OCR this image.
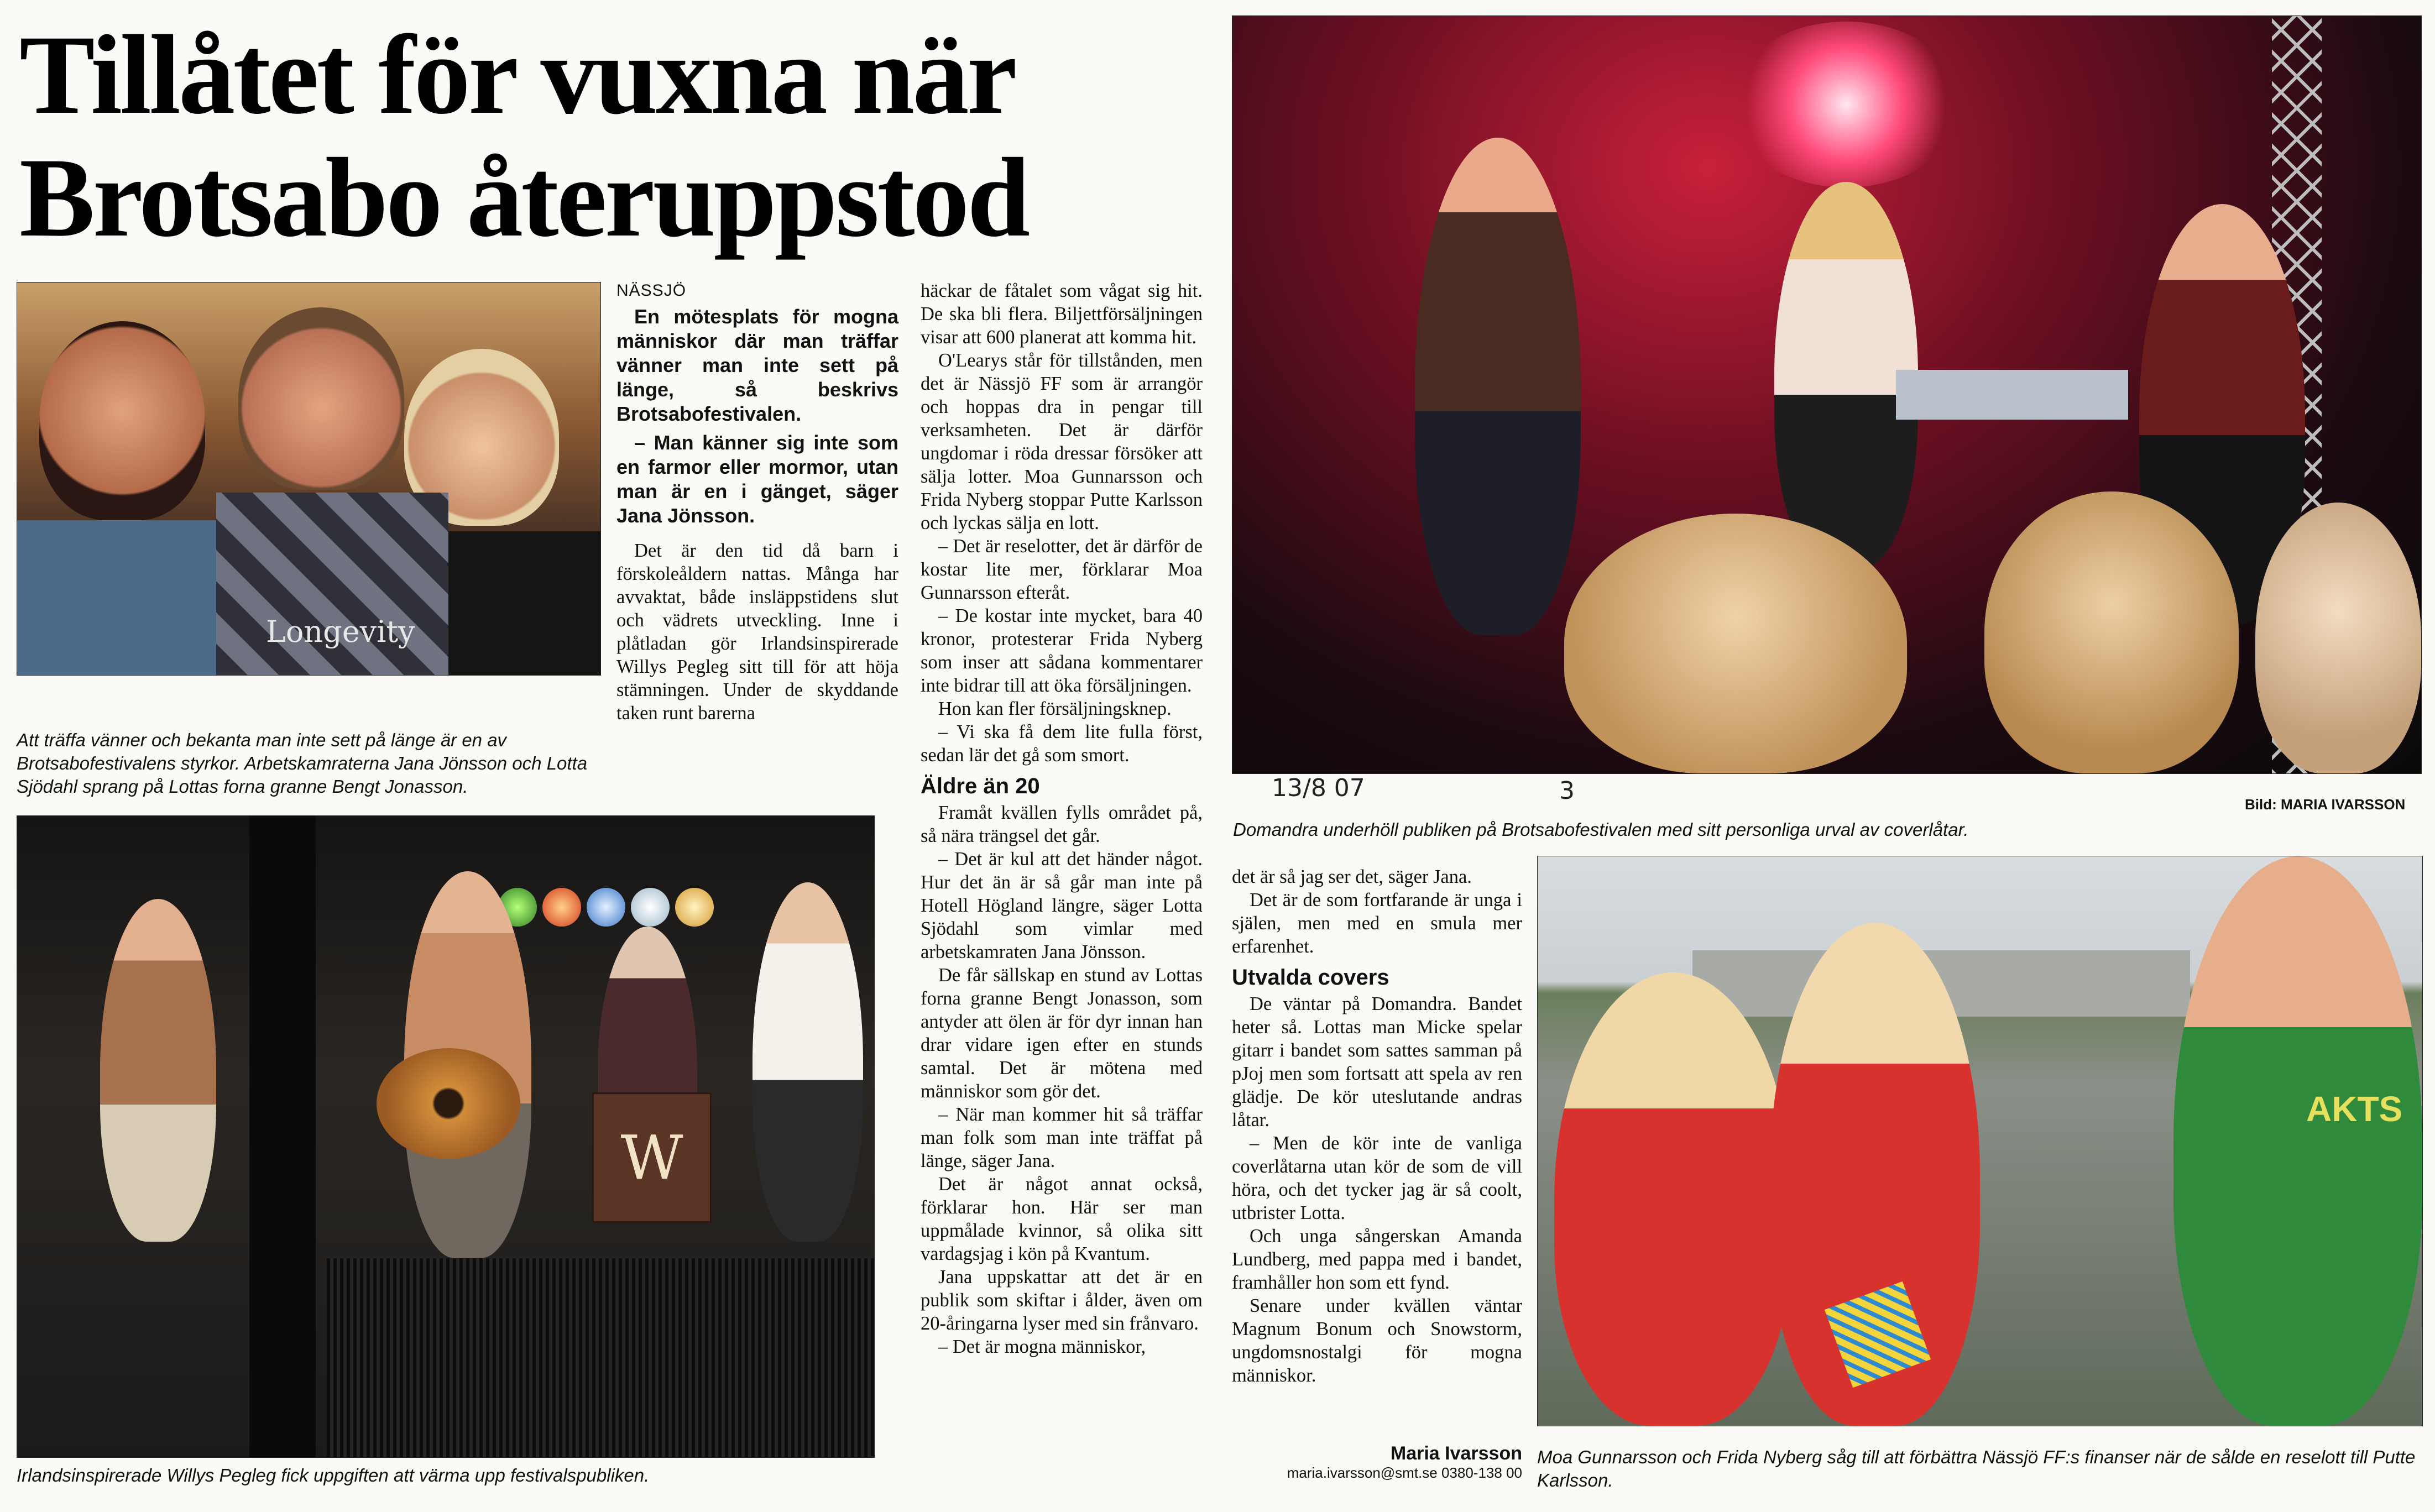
Tillåtet för vuxna när
Brotsabo återuppstod
Longevity
Att träffa vänner och bekanta man inte sett på länge är en av Brotsabofestivalens styrkor. Arbetskamraterna Jana Jönsson och Lotta Sjödahl sprang på Lottas forna granne Bengt Jonasson.
W
Irlandsinspirerade Willys Pegleg fick uppgiften att värma upp festivalspubliken.
NÄSSJÖ

En mötesplats för mogna människor där man träffar vänner man inte sett på länge, så beskrivs Brotsabofestivalen.

– Man känner sig inte som en farmor eller mormor, utan man är en i gänget, säger Jana Jönsson.

Det är den tid då barn i förskoleåldern nattas. Många har avvaktat, både insläppstidens slut och vädrets utveckling. Inne i plåtladan gör Irlandsinspirerade Willys Pegleg sitt till för att höja stämningen. Under de skyddande taken runt barerna

häckar de fåtalet som vågat sig hit. De ska bli flera. Biljettförsäljningen visar att 600 planerat att komma hit.

O'Learys står för tillstånden, men det är Nässjö FF som är arrangör och hoppas dra in pengar till verksamheten. Det är därför ungdomar i röda dressar försöker att sälja lotter. Moa Gunnarsson och Frida Nyberg stoppar Putte Karlsson och lyckas sälja en lott.

– Det är reselotter, det är därför de kostar lite mer, förklarar Moa Gunnarsson efteråt.

– De kostar inte mycket, bara 40 kronor, protesterar Frida Nyberg som inser att sådana kommentarer inte bidrar till att öka försäljningen.

Hon kan fler försäljningsknep.

– Vi ska få dem lite fulla först, sedan lär det gå som smort.

Äldre än 20

Framåt kvällen fylls området på, så nära trängsel det går.

– Det är kul att det händer något. Hur det än är så går man inte på Hotell Högland längre, säger Lotta Sjödahl som vimlar med arbetskamraten Jana Jönsson.

De får sällskap en stund av Lottas forna granne Bengt Jonasson, som antyder att ölen är för dyr innan han drar vidare igen efter en stunds samtal. Det är mötena med människor som gör det.

– När man kommer hit så träffar man folk som man inte träffat på länge, säger Jana.

Det är något annat också, förklarar hon. Här ser man uppmålade kvinnor, så olika sitt vardagsjag i kön på Kvantum.

Jana uppskattar att det är en publik som skiftar i ålder, även om 20-åringarna lyser med sin frånvaro.

– Det är mogna människor,

13/8 07	3	Bild: MARIA IVARSSON
Domandra underhöll publiken på Brotsabofestivalen med sitt personliga urval av coverlåtar.

det är så jag ser det, säger Jana.

Det är de som fortfarande är unga i själen, men med en smula mer erfarenhet.

Utvalda covers

De väntar på Domandra. Bandet heter så. Lottas man Micke spelar gitarr i bandet som sattes samman på pJoj men som fortsatt att spela av ren glädje. De kör uteslutande andras låtar.

– Men de kör inte de vanliga coverlåtarna utan kör de som de vill höra, och det tycker jag är så coolt, utbrister Lotta.

Och unga sångerskan Amanda Lundberg, med pappa med i bandet, framhåller hon som ett fynd.

Senare under kvällen väntar Magnum Bonum och Snowstorm, ungdomsnostalgi för mogna människor.

Maria Ivarsson
maria.ivarsson@smt.se 0380-138 00
AKTS
Moa Gunnarsson och Frida Nyberg såg till att förbättra Nässjö FF:s finanser när de sålde en reselott till Putte Karlsson.
